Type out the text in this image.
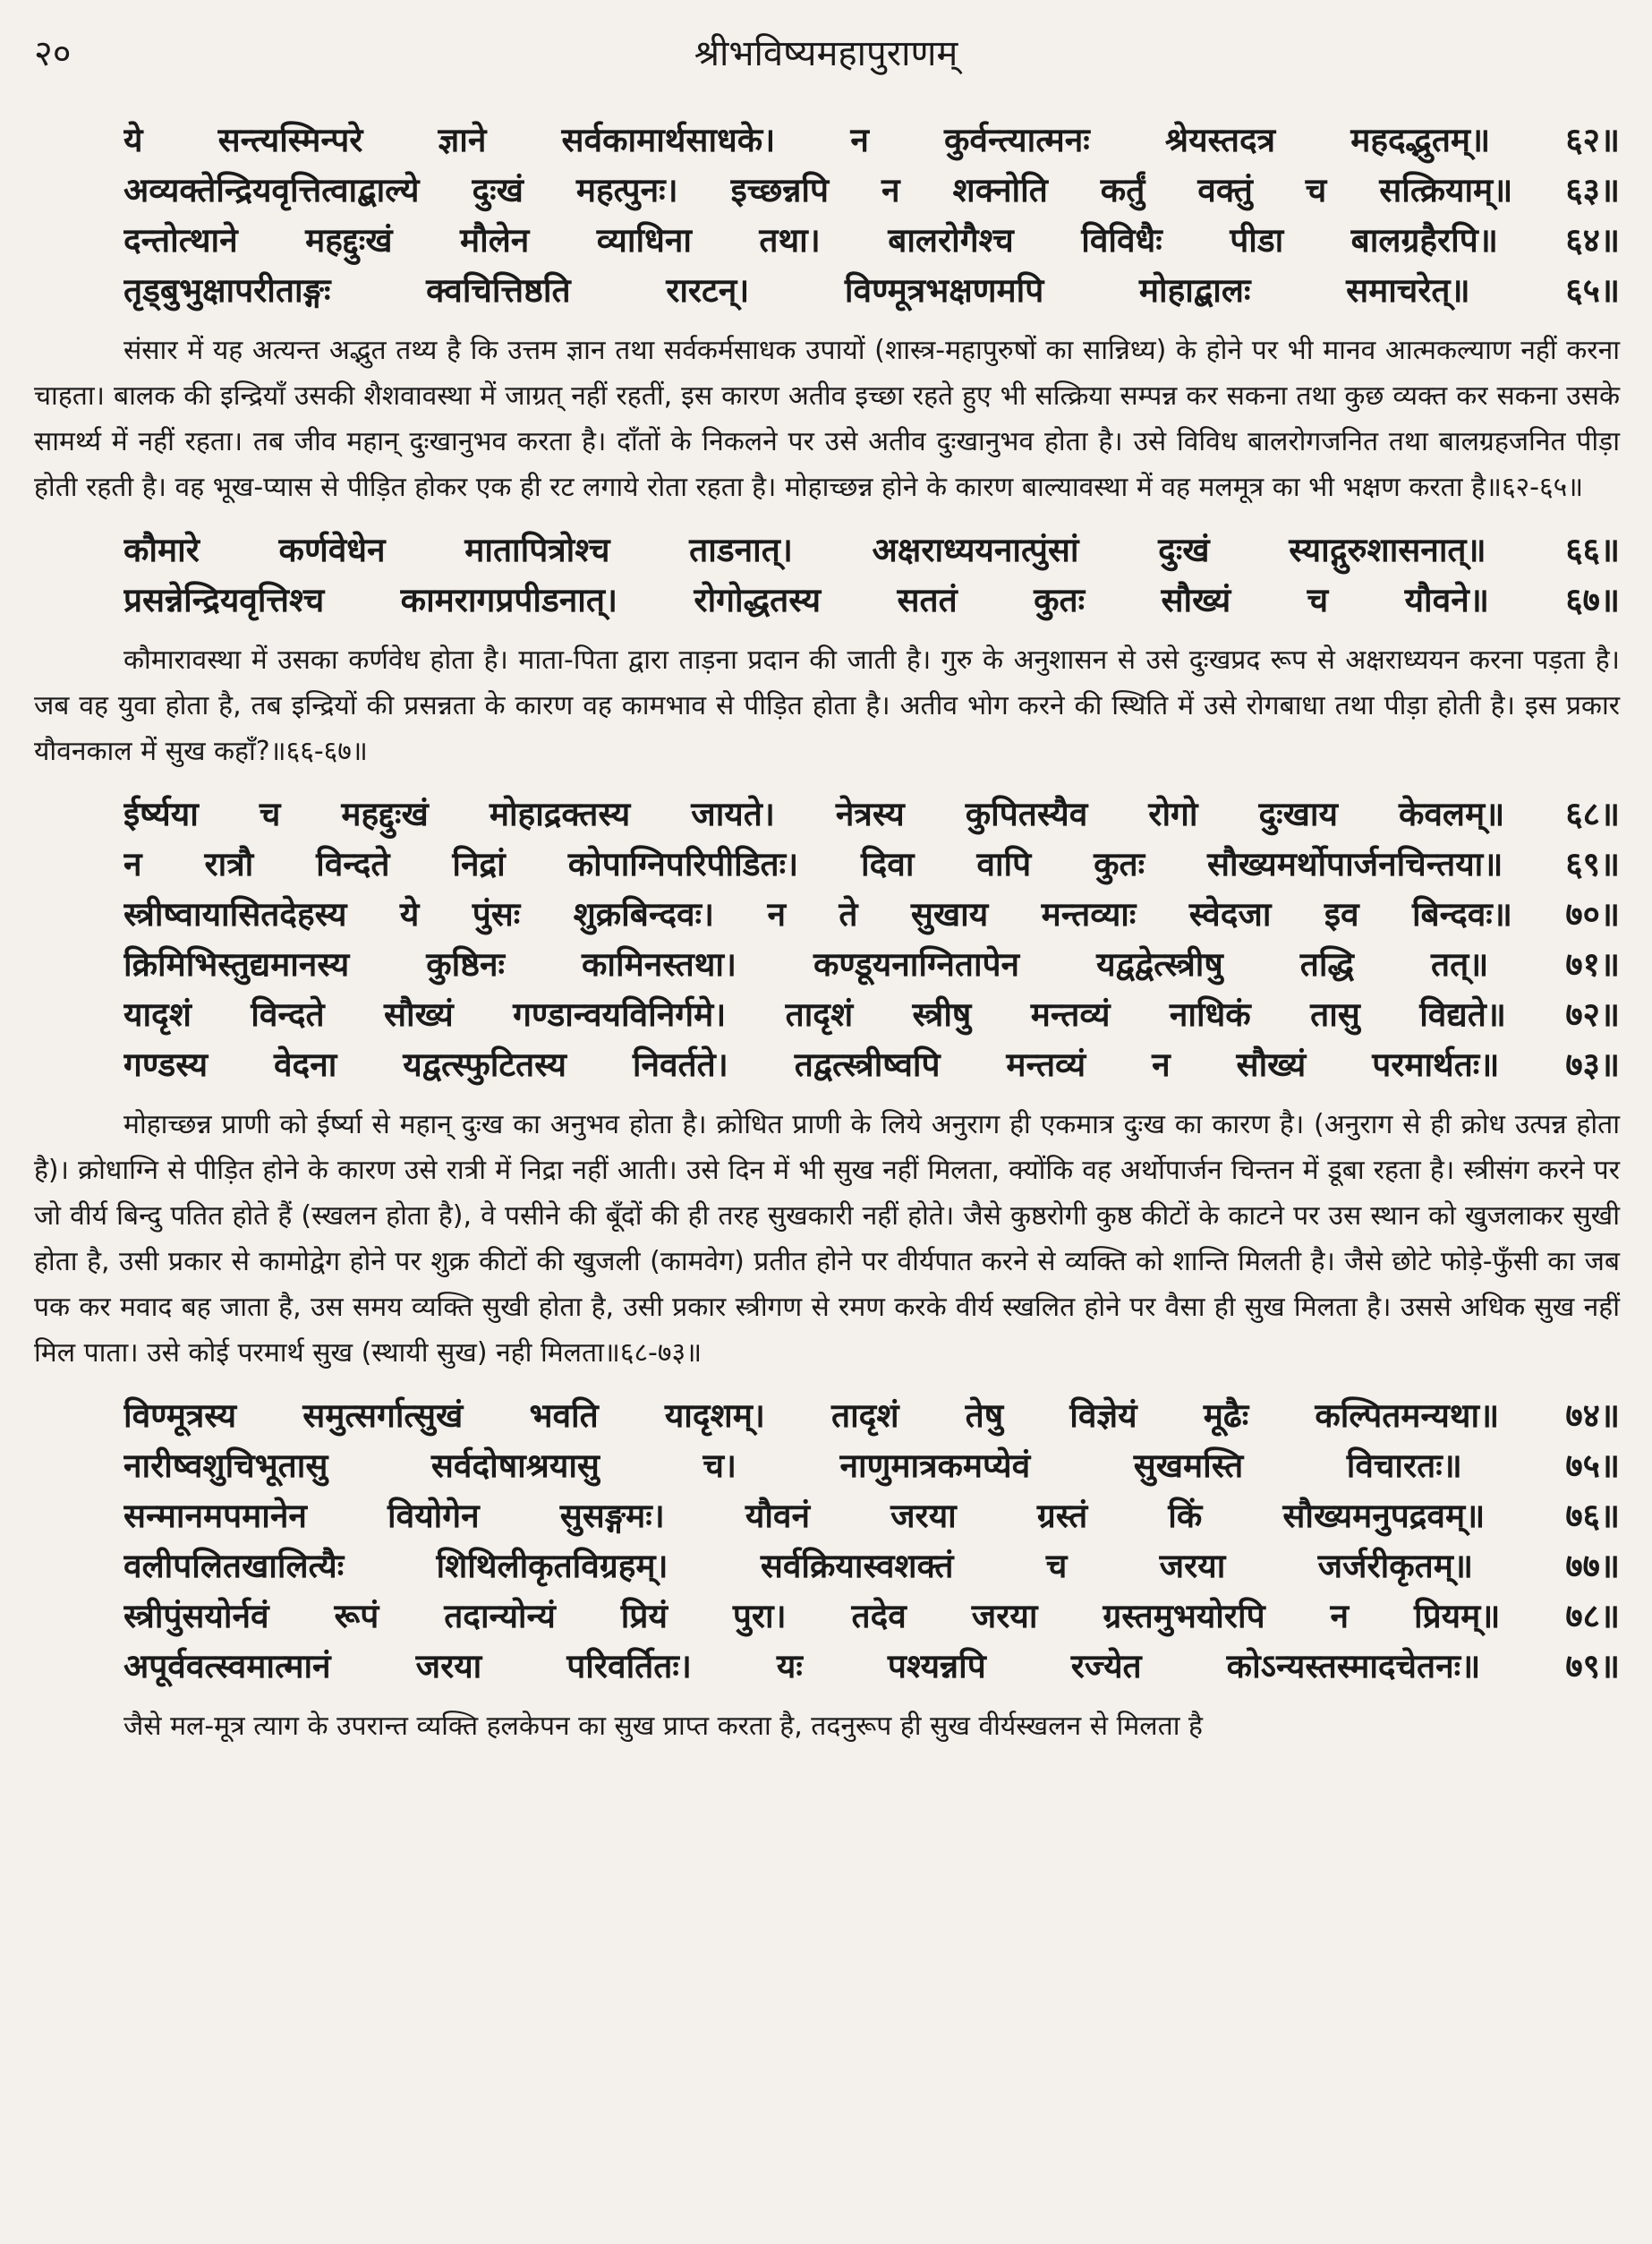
२०	श्रीभविष्यमहापुराणम्
ये सन्त्यस्मिन्परे ज्ञाने सर्वकामार्थसाधके। न कुर्वन्त्यात्मनः श्रेयस्तदत्र महदद्भुतम्॥ ६२॥
अव्यक्तेन्द्रियवृत्तित्वाद्बाल्ये दुःखं महत्पुनः। इच्छन्नपि न शक्नोति कर्तुं वक्तुं च सत्क्रियाम्॥ ६३॥
दन्तोत्थाने महद्दुःखं मौलेन व्याधिना तथा। बालरोगैश्च विविधैः पीडा बालग्रहैरपि॥ ६४॥
तृड्बुभुक्षापरीताङ्गः क्वचित्तिष्ठति रारटन्। विण्मूत्रभक्षणमपि मोहाद्बालः समाचरेत्॥ ६५॥

संसार में यह अत्यन्त अद्भुत तथ्य है कि उत्तम ज्ञान तथा सर्वकर्मसाधक उपायों (शास्त्र-महापुरुषों का सान्निध्य) के होने पर भी मानव आत्मकल्याण नहीं करना चाहता। बालक की इन्द्रियाँ उसकी शैशवावस्था में जाग्रत् नहीं रहतीं, इस कारण अतीव इच्छा रहते हुए भी सत्क्रिया सम्पन्न कर सकना तथा कुछ व्यक्त कर सकना उसके सामर्थ्य में नहीं रहता। तब जीव महान् दुःखानुभव करता है। दाँतों के निकलने पर उसे अतीव दुःखानुभव होता है। उसे विविध बालरोगजनित तथा बालग्रहजनित पीड़ा होती रहती है। वह भूख-प्यास से पीड़ित होकर एक ही रट लगाये रोता रहता है। मोहाच्छन्न होने के कारण बाल्यावस्था में वह मलमूत्र का भी भक्षण करता है॥६२-६५॥

कौमारे कर्णवेधेन मातापित्रोश्च ताडनात्। अक्षराध्ययनात्पुंसां दुःखं स्याद्गुरुशासनात्॥ ६६॥
प्रसन्नेन्द्रियवृत्तिश्च कामरागप्रपीडनात्। रोगोद्धतस्य सततं कुतः सौख्यं च यौवने॥ ६७॥

कौमारावस्था में उसका कर्णवेध होता है। माता-पिता द्वारा ताड़ना प्रदान की जाती है। गुरु के अनुशासन से उसे दुःखप्रद रूप से अक्षराध्ययन करना पड़ता है। जब वह युवा होता है, तब इन्द्रियों की प्रसन्नता के कारण वह कामभाव से पीड़ित होता है। अतीव भोग करने की स्थिति में उसे रोगबाधा तथा पीड़ा होती है। इस प्रकार यौवनकाल में सुख कहाँ?॥६६-६७॥

ईर्ष्यया च महद्दुःखं मोहाद्रक्तस्य जायते। नेत्रस्य कुपितस्यैव रोगो दुःखाय केवलम्॥ ६८॥
न रात्रौ विन्दते निद्रां कोपाग्निपरिपीडितः। दिवा वापि कुतः सौख्यमर्थोपार्जनचिन्तया॥ ६९॥
स्त्रीष्वायासितदेहस्य ये पुंसः शुक्रबिन्दवः। न ते सुखाय मन्तव्याः स्वेदजा इव बिन्दवः॥ ७०॥
क्रिमिभिस्तुद्यमानस्य कुष्ठिनः कामिनस्तथा। कण्डूयनाग्नितापेन यद्वद्वेत्स्त्रीषु तद्धि तत्॥ ७१॥
यादृशं विन्दते सौख्यं गण्डान्वयविनिर्गमे। तादृशं स्त्रीषु मन्तव्यं नाधिकं तासु विद्यते॥ ७२॥
गण्डस्य वेदना यद्वत्स्फुटितस्य निवर्तते। तद्वत्स्त्रीष्वपि मन्तव्यं न सौख्यं परमार्थतः॥ ७३॥

मोहाच्छन्न प्राणी को ईर्ष्या से महान् दुःख का अनुभव होता है। क्रोधित प्राणी के लिये अनुराग ही एकमात्र दुःख का कारण है। (अनुराग से ही क्रोध उत्पन्न होता है)। क्रोधाग्नि से पीड़ित होने के कारण उसे रात्री में निद्रा नहीं आती। उसे दिन में भी सुख नहीं मिलता, क्योंकि वह अर्थोपार्जन चिन्तन में डूबा रहता है। स्त्रीसंग करने पर जो वीर्य बिन्दु पतित होते हैं (स्खलन होता है), वे पसीने की बूँदों की ही तरह सुखकारी नहीं होते। जैसे कुष्ठरोगी कुष्ठ कीटों के काटने पर उस स्थान को खुजलाकर सुखी होता है, उसी प्रकार से कामोद्वेग होने पर शुक्र कीटों की खुजली (कामवेग) प्रतीत होने पर वीर्यपात करने से व्यक्ति को शान्ति मिलती है। जैसे छोटे फोड़े-फुँसी का जब पक कर मवाद बह जाता है, उस समय व्यक्ति सुखी होता है, उसी प्रकार स्त्रीगण से रमण करके वीर्य स्खलित होने पर वैसा ही सुख मिलता है। उससे अधिक सुख नहीं मिल पाता। उसे कोई परमार्थ सुख (स्थायी सुख) नही मिलता॥६८-७३॥

विण्मूत्रस्य समुत्सर्गात्सुखं भवति यादृशम्। तादृशं तेषु विज्ञेयं मूढैः कल्पितमन्यथा॥ ७४॥
नारीष्वशुचिभूतासु सर्वदोषाश्रयासु च। नाणुमात्रकमप्येवं सुखमस्ति विचारतः॥ ७५॥
सन्मानमपमानेन वियोगेन सुसङ्गमः। यौवनं जरया ग्रस्तं किं सौख्यमनुपद्रवम्॥ ७६॥
वलीपलितखालित्यैः शिथिलीकृतविग्रहम्। सर्वक्रियास्वशक्तं च जरया जर्जरीकृतम्॥ ७७॥
स्त्रीपुंसयोर्नवं रूपं तदान्योन्यं प्रियं पुरा। तदेव जरया ग्रस्तमुभयोरपि न प्रियम्॥ ७८॥
अपूर्ववत्स्वमात्मानं जरया परिवर्तितः। यः पश्यन्नपि रज्येत कोऽन्यस्तस्मादचेतनः॥ ७९॥

जैसे मल-मूत्र त्याग के उपरान्त व्यक्ति हलकेपन का सुख प्राप्त करता है, तदनुरूप ही सुख वीर्यस्खलन से मिलता है
